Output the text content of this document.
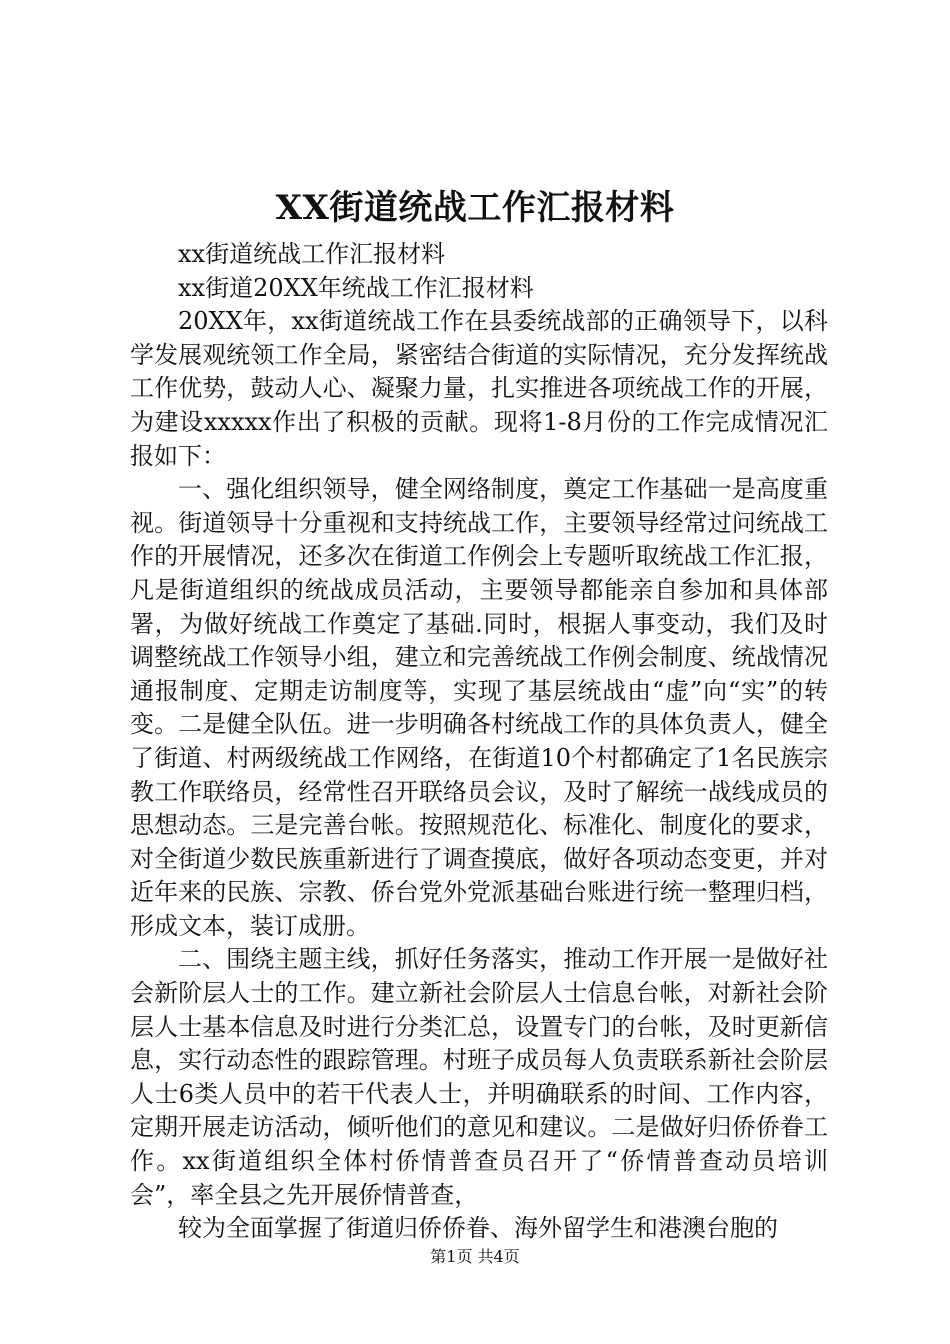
XX街道统战工作汇报材料

xx街道统战工作汇报材料

xx街道20XX年统战工作汇报材料

20XX年，xx街道统战工作在县委统战部的正确领导下，以科学发展观统领工作全局，紧密结合街道的实际情况，充分发挥统战工作优势，鼓动人心、凝聚力量，扎实推进各项统战工作的开展，为建设xxxxx作出了积极的贡献。现将1-8月份的工作完成情况汇报如下：

一、强化组织领导，健全网络制度，奠定工作基础一是高度重视。街道领导十分重视和支持统战工作，主要领导经常过问统战工作的开展情况，还多次在街道工作例会上专题听取统战工作汇报，凡是街道组织的统战成员活动，主要领导都能亲自参加和具体部署，为做好统战工作奠定了基础.同时，根据人事变动，我们及时调整统战工作领导小组，建立和完善统战工作例会制度、统战情况通报制度、定期走访制度等，实现了基层统战由“虚”向“实”的转变。二是健全队伍。进一步明确各村统战工作的具体负责人，健全了街道、村两级统战工作网络，在街道10个村都确定了1名民族宗教工作联络员，经常性召开联络员会议，及时了解统一战线成员的思想动态。三是完善台帐。按照规范化、标准化、制度化的要求，对全街道少数民族重新进行了调查摸底，做好各项动态变更，并对近年来的民族、宗教、侨台党外党派基础台账进行统一整理归档，形成文本，装订成册。

二、围绕主题主线，抓好任务落实，推动工作开展一是做好社会新阶层人士的工作。建立新社会阶层人士信息台帐，对新社会阶层人士基本信息及时进行分类汇总，设置专门的台帐，及时更新信息，实行动态性的跟踪管理。村班子成员每人负责联系新社会阶层人士6类人员中的若干代表人士，并明确联系的时间、工作内容，定期开展走访活动，倾听他们的意见和建议。二是做好归侨侨眷工作。xx街道组织全体村侨情普查员召开了“侨情普查动员培训会”，率全县之先开展侨情普查，

较为全面掌握了街道归侨侨眷、海外留学生和港澳台胞的

第1页 共4页
